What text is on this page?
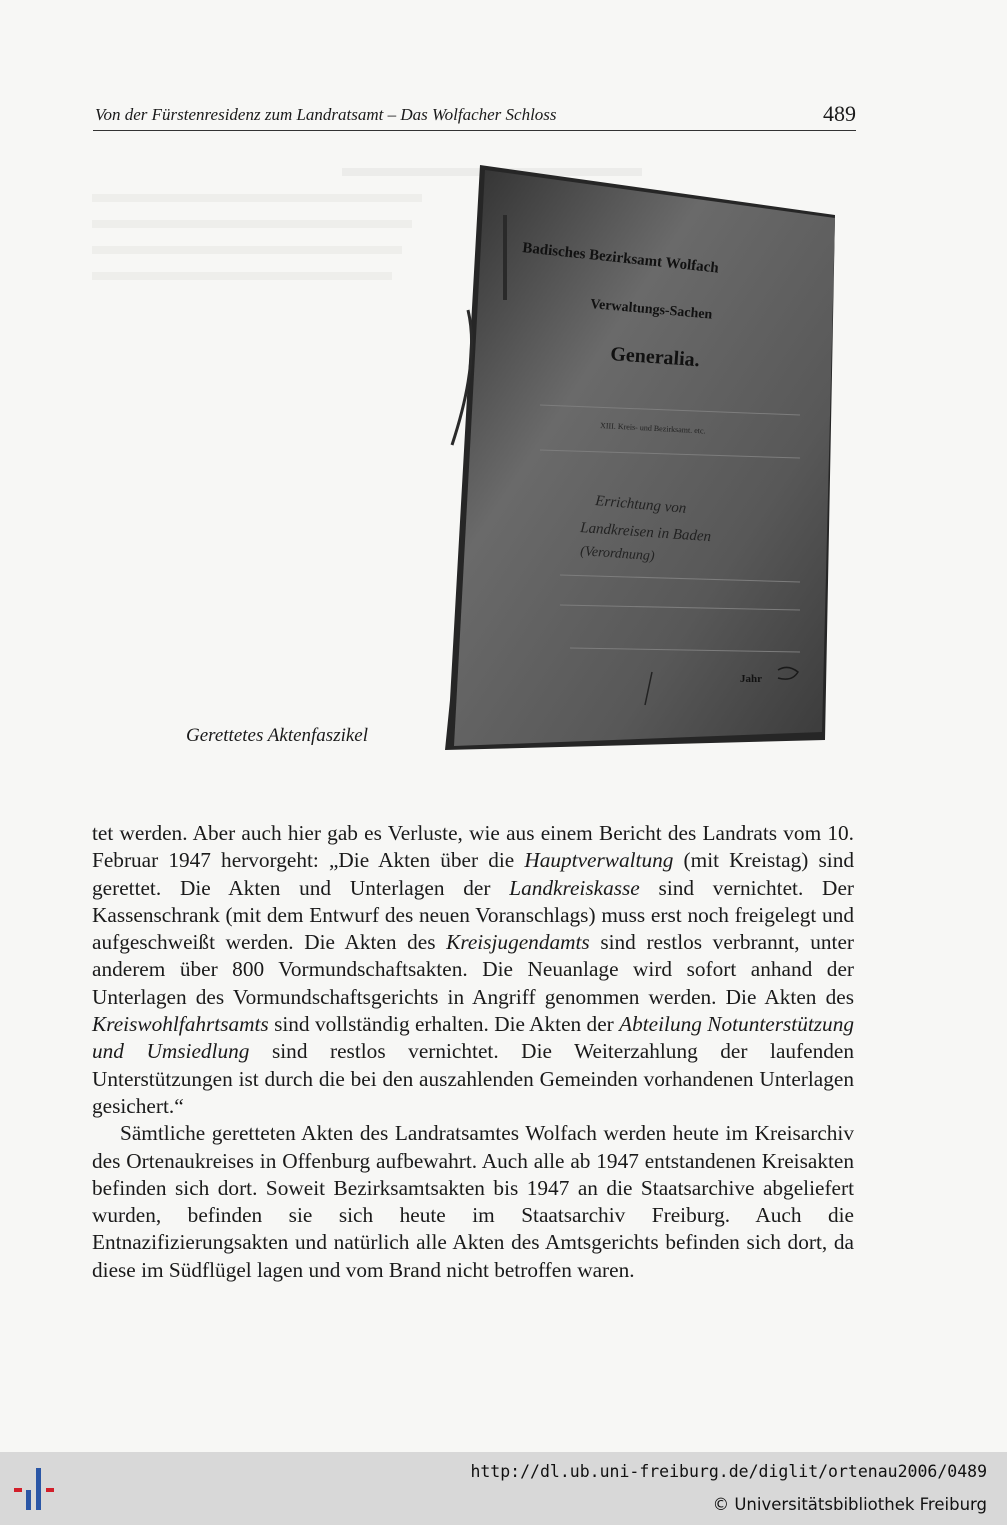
Von der Fürstenresidenz zum Landratsamt – Das Wolfacher Schloss	489
Badisches Bezirksamt Wolfach
Verwaltungs-Sachen
Generalia.
XIII. Kreis- und Bezirksamt. etc.
Errichtung von
Landkreisen in Baden
(Verordnung)
Jahr
Gerettetes Aktenfaszikel

tet werden. Aber auch hier gab es Verluste, wie aus einem Bericht des Landrats vom 10. Februar 1947 hervorgeht: „Die Akten über die Hauptverwaltung (mit Kreistag) sind gerettet. Die Akten und Unterlagen der Landkreiskasse sind vernichtet. Der Kassenschrank (mit dem Entwurf des neuen Voranschlags) muss erst noch freigelegt und aufgeschweißt werden. Die Akten des Kreisjugendamts sind restlos verbrannt, unter anderem über 800 Vormundschaftsakten. Die Neuanlage wird sofort anhand der Unterlagen des Vormundschaftsgerichts in Angriff genommen werden. Die Akten des Kreiswohlfahrtsamts sind vollständig erhalten. Die Akten der Abteilung Notunterstützung und Umsiedlung sind restlos vernichtet. Die Weiterzahlung der laufenden Unterstützungen ist durch die bei den auszahlenden Gemeinden vorhandenen Unterlagen gesichert.“

Sämtliche geretteten Akten des Landratsamtes Wolfach werden heute im Kreisarchiv des Ortenaukreises in Offenburg aufbewahrt. Auch alle ab 1947 entstandenen Kreisakten befinden sich dort. Soweit Bezirksamtsakten bis 1947 an die Staatsarchive abgeliefert wurden, befinden sie sich heute im Staatsarchiv Freiburg. Auch die Entnazifizierungsakten und natürlich alle Akten des Amtsgerichts befinden sich dort, da diese im Südflügel lagen und vom Brand nicht betroffen waren.

http://dl.ub.uni-freiburg.de/diglit/ortenau2006/0489
© Universitätsbibliothek Freiburg
